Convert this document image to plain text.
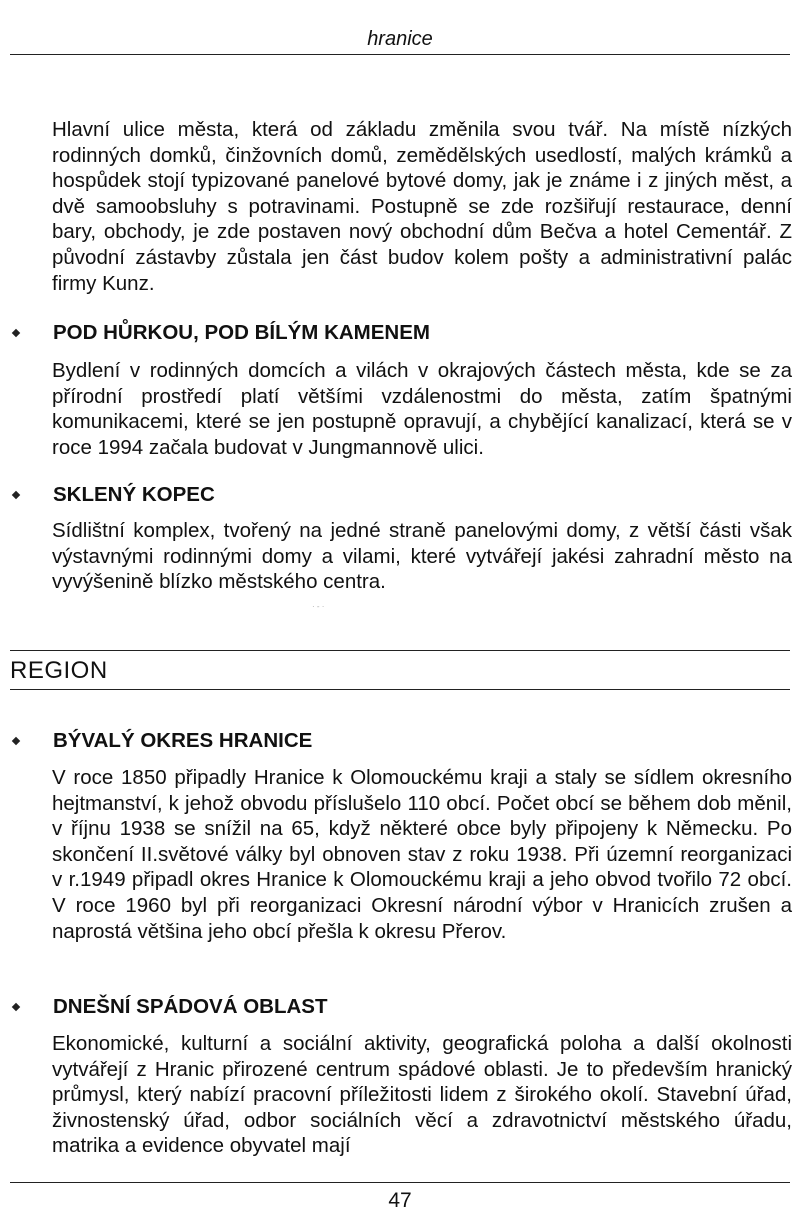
hranice

Hlavní ulice města, která od základu změnila svou tvář. Na místě nízkých rodinných domků, činžovních domů, zemědělských usedlostí, malých krámků a hospůdek stojí typizované panelové bytové domy, jak je známe i z jiných měst, a dvě samoobsluhy s potravinami. Postupně se zde rozšiřují restaurace, denní bary, obchody, je zde postaven nový obchodní dům Bečva a hotel Cementář. Z původní zástavby zůstala jen část budov kolem pošty a administrativní palác firmy Kunz.

POD HŮRKOU, POD BÍLÝM KAMENEM

Bydlení v rodinných domcích a vilách v okrajových částech města, kde se za přírodní prostředí platí většími vzdálenostmi do města, zatím špatnými komunikacemi, které se jen postupně opravují, a chybějící kanalizací, která se v roce 1994 začala budovat v Jungmannově ulici.

SKLENÝ KOPEC

Sídlištní komplex, tvořený na jedné straně panelovými domy, z větší části však výstavnými rodinnými domy a vilami, které vytvářejí jakési zahradní město na vyvýšenině blízko městského centra.

· - ·
REGION
BÝVALÝ OKRES HRANICE

V roce 1850 připadly Hranice k Olomouckému kraji a staly se sídlem okresního hejtmanství, k jehož obvodu příslušelo 110 obcí. Počet obcí se během dob měnil, v říjnu 1938 se snížil na 65, když některé obce byly připojeny k Německu. Po skončení II.světové války byl obnoven stav z roku 1938. Při územní reorganizaci v r.1949 připadl okres Hranice k Olomouckému kraji a jeho obvod tvořilo 72 obcí. V roce 1960 byl při reorganizaci Okresní národní výbor v Hranicích zrušen a naprostá většina jeho obcí přešla k okresu Přerov.

DNEŠNÍ SPÁDOVÁ OBLAST

Ekonomické, kulturní a sociální aktivity, geografická poloha a další okolnosti vytvářejí z Hranic přirozené centrum spádové oblasti. Je to především hranický průmysl, který nabízí pracovní příležitosti lidem z širokého okolí. Stavební úřad, živnostenský úřad, odbor sociálních věcí a zdravotnictví městského úřadu, matrika a evidence obyvatel mají

47
